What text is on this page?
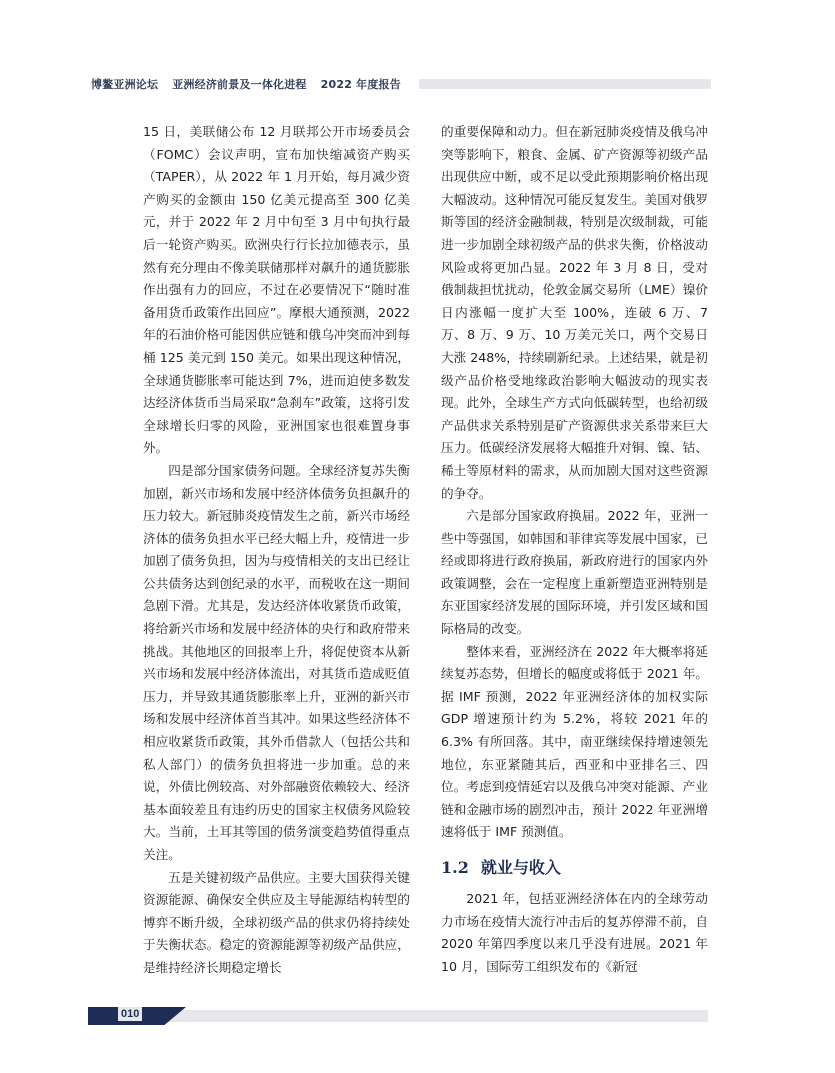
博鳌亚洲论坛 亚洲经济前景及一体化进程 2022 年度报告

15 日，美联储公布 12 月联邦公开市场委员会（FOMC）会议声明，宣布加快缩减资产购买（TAPER），从 2022 年 1 月开始，每月减少资产购买的金额由 150 亿美元提高至 300 亿美元，并于 2022 年 2 月中旬至 3 月中旬执行最后一轮资产购买。欧洲央行行长拉加德表示，虽然有充分理由不像美联储那样对飙升的通货膨胀作出强有力的回应，不过在必要情况下“随时准备用货币政策作出回应”。摩根大通预测，2022 年的石油价格可能因供应链和俄乌冲突而冲到每桶 125 美元到 150 美元。如果出现这种情况，全球通货膨胀率可能达到 7%，进而迫使多数发达经济体货币当局采取“急刹车”政策，这将引发全球增长归零的风险，亚洲国家也很难置身事外。

四是部分国家债务问题。全球经济复苏失衡加剧，新兴市场和发展中经济体债务负担飙升的压力较大。新冠肺炎疫情发生之前，新兴市场经济体的债务负担水平已经大幅上升，疫情进一步加剧了债务负担，因为与疫情相关的支出已经让公共债务达到创纪录的水平，而税收在这一期间急剧下滑。尤其是，发达经济体收紧货币政策，将给新兴市场和发展中经济体的央行和政府带来挑战。其他地区的回报率上升，将促使资本从新兴市场和发展中经济体流出，对其货币造成贬值压力，并导致其通货膨胀率上升，亚洲的新兴市场和发展中经济体首当其冲。如果这些经济体不相应收紧货币政策，其外币借款人（包括公共和私人部门）的债务负担将进一步加重。总的来说，外债比例较高、对外部融资依赖较大、经济基本面较差且有违约历史的国家主权债务风险较大。当前，土耳其等国的债务演变趋势值得重点关注。

五是关键初级产品供应。主要大国获得关键资源能源、确保安全供应及主导能源结构转型的博弈不断升级，全球初级产品的供求仍将持续处于失衡状态。稳定的资源能源等初级产品供应，是维持经济长期稳定增长

的重要保障和动力。但在新冠肺炎疫情及俄乌冲突等影响下，粮食、金属、矿产资源等初级产品出现供应中断，或不足以受此预期影响价格出现大幅波动。这种情况可能反复发生。美国对俄罗斯等国的经济金融制裁，特别是次级制裁，可能进一步加剧全球初级产品的供求失衡，价格波动风险或将更加凸显。2022 年 3 月 8 日，受对俄制裁担忧扰动，伦敦金属交易所（LME）镍价日内涨幅一度扩大至 100%，连破 6 万、7 万、8 万、9 万、10 万美元关口，两个交易日大涨 248%，持续刷新纪录。上述结果，就是初级产品价格受地缘政治影响大幅波动的现实表现。此外，全球生产方式向低碳转型，也给初级产品供求关系特别是矿产资源供求关系带来巨大压力。低碳经济发展将大幅推升对铜、镍、钴、稀土等原材料的需求，从而加剧大国对这些资源的争夺。

六是部分国家政府换届。2022 年，亚洲一些中等强国，如韩国和菲律宾等发展中国家，已经或即将进行政府换届，新政府进行的国家内外政策调整，会在一定程度上重新塑造亚洲特别是东亚国家经济发展的国际环境，并引发区域和国际格局的改变。

整体来看，亚洲经济在 2022 年大概率将延续复苏态势，但增长的幅度或将低于 2021 年。据 IMF 预测，2022 年亚洲经济体的加权实际 GDP 增速预计约为 5.2%，将较 2021 年的 6.3% 有所回落。其中，南亚继续保持增速领先地位，东亚紧随其后，西亚和中亚排名三、四位。考虑到疫情延宕以及俄乌冲突对能源、产业链和金融市场的剧烈冲击，预计 2022 年亚洲增速将低于 IMF 预测值。

1.2 就业与收入

2021 年，包括亚洲经济体在内的全球劳动力市场在疫情大流行冲击后的复苏停滞不前，自 2020 年第四季度以来几乎没有进展。2021 年 10 月，国际劳工组织发布的《新冠

010
